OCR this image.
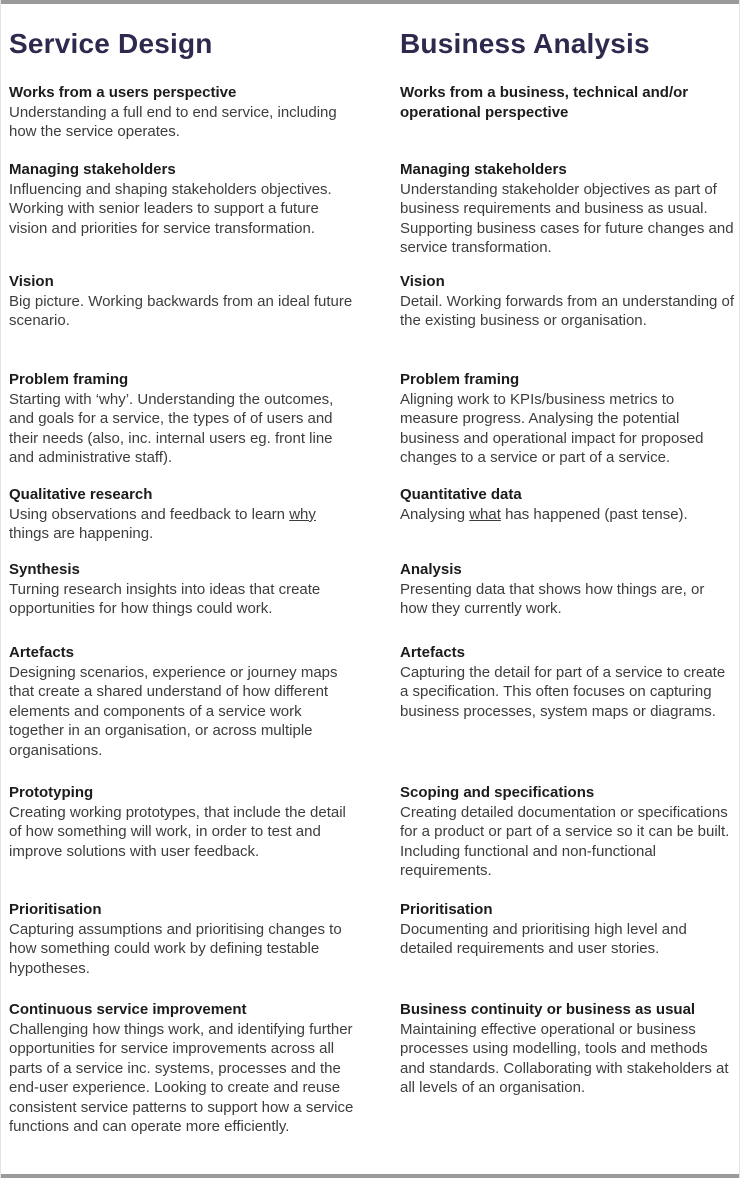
Service Design	Business Analysis
Works from a users perspective
Understanding a full end to end service, including how the service operates.
Works from a business, technical and/or operational perspective
Managing stakeholders
Influencing and shaping stakeholders objectives. Working with senior leaders to support a future vision and priorities for service transformation.
Managing stakeholders
Understanding stakeholder objectives as part of business requirements and business as usual. Supporting business cases for future changes and service transformation.
Vision
Big picture. Working backwards from an ideal future scenario.
Vision
Detail. Working forwards from an understanding of the existing business or organisation.
Problem framing
Starting with ‘why’. Understanding the outcomes, and goals for a service, the types of of users and their needs (also, inc. internal users eg. front line and administrative staff).
Problem framing
Aligning work to KPIs/business metrics to measure progress. Analysing the potential business and operational impact for proposed changes to a service or part of a service.
Qualitative research
Using observations and feedback to learn why things are happening.
Quantitative data
Analysing what has happened (past tense).
Synthesis
Turning research insights into ideas that create opportunities for how things could work.
Analysis
Presenting data that shows how things are, or how they currently work.
Artefacts
Designing scenarios, experience or journey maps that create a shared understand of how different elements and components of a service work together in an organisation, or across multiple organisations.
Artefacts
Capturing the detail for part of a service to create a specification. This often focuses on capturing business processes, system maps or diagrams.
Prototyping
Creating working prototypes, that include the detail of how something will work, in order to test and improve solutions with user feedback.
Scoping and specifications
Creating detailed documentation or specifications for a product or part of a service so it can be built. Including functional and non-functional requirements.
Prioritisation
Capturing assumptions and prioritising changes to how something could work by defining testable hypotheses.
Prioritisation
Documenting and prioritising high level and detailed requirements and user stories.
Continuous service improvement
Challenging how things work, and identifying further opportunities for service improvements across all parts of a service inc. systems, processes and the end-user experience. Looking to create and reuse consistent service patterns to support how a service functions and can operate more efficiently.
Business continuity or business as usual
Maintaining effective operational or business processes using modelling, tools and methods and standards. Collaborating with stakeholders at all levels of an organisation.
